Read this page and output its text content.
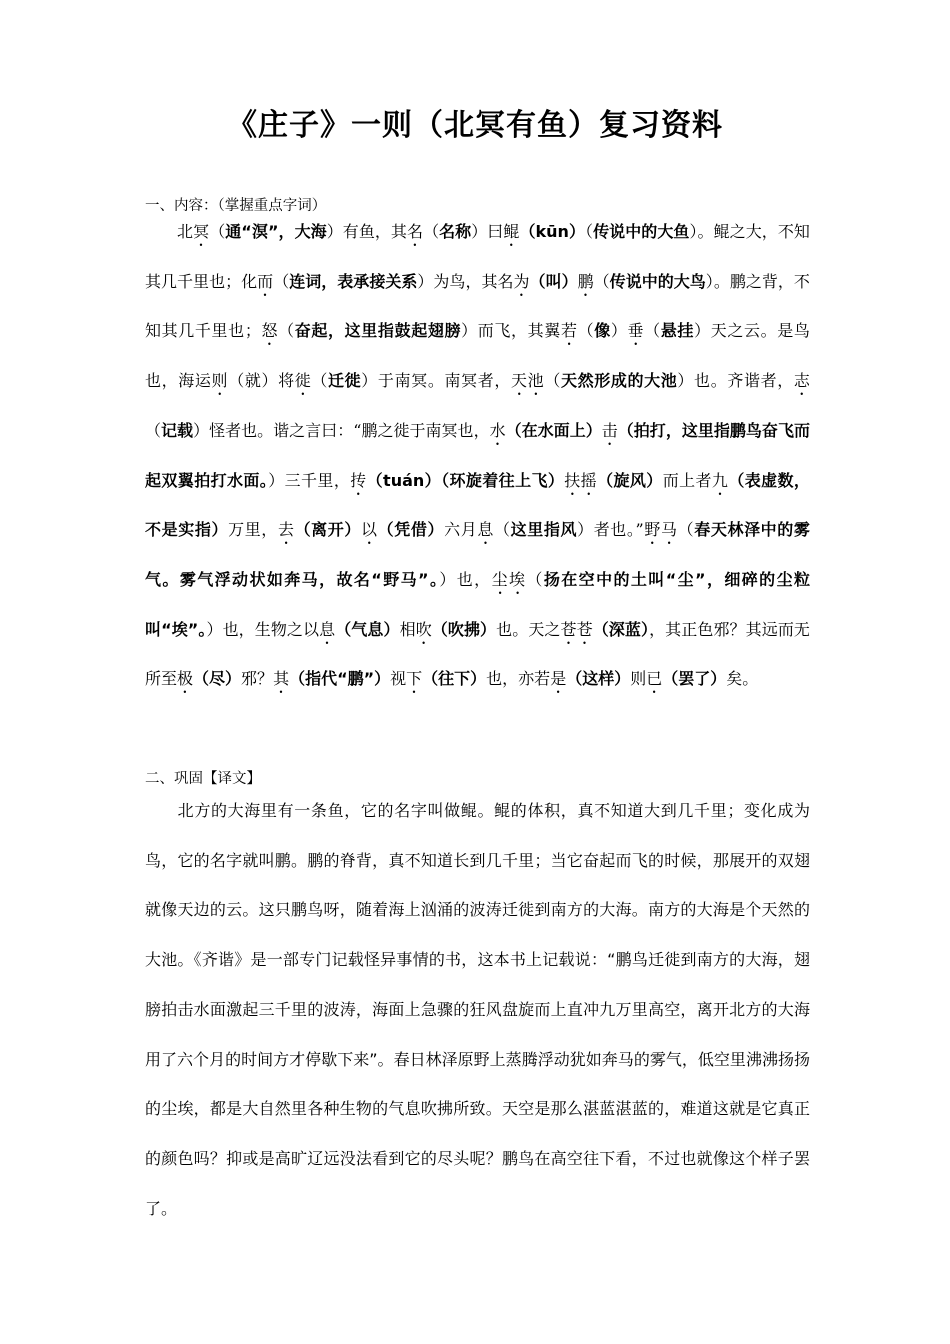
《庄子》一则（北冥有鱼）复习资料
一、内容：（掌握重点字词）
北冥（通“溟”，大海）有鱼，其名（名称）曰鲲（kūn）（传说中的大鱼）。鲲之大，不知其几千里也；化而（连词，表承接关系）为鸟，其名为（叫）鹏（传说中的大鸟）。鹏之背，不知其几千里也；怒（奋起，这里指鼓起翅膀）而飞，其翼若（像）垂（悬挂）天之云。是鸟也，海运则（就）将徙（迁徙）于南冥。南冥者，天池（天然形成的大池）也。齐谐者，志（记载）怪者也。谐之言曰：“鹏之徙于南冥也，水（在水面上）击（拍打，这里指鹏鸟奋飞而起双翼拍打水面。）三千里，抟（tuán）（环旋着往上飞）扶摇（旋风）而上者九（表虚数，不是实指）万里，去（离开）以（凭借）六月息（这里指风）者也。”野马（春天林泽中的雾气。雾气浮动状如奔马，故名“野马”。）也，尘埃（扬在空中的土叫“尘”，细碎的尘粒叫“埃”。）也，生物之以息（气息）相吹（吹拂）也。天之苍苍（深蓝），其正色邪？其远而无所至极（尽）邪？其（指代“鹏”）视下（往下）也，亦若是（这样）则已（罢了）矣。
二、巩固【译文】
北方的大海里有一条鱼，它的名字叫做鲲。鲲的体积，真不知道大到几千里；变化成为鸟，它的名字就叫鹏。鹏的脊背，真不知道长到几千里；当它奋起而飞的时候，那展开的双翅就像天边的云。这只鹏鸟呀，随着海上汹涌的波涛迁徙到南方的大海。南方的大海是个天然的大池。《齐谐》是一部专门记载怪异事情的书，这本书上记载说：“鹏鸟迁徙到南方的大海，翅膀拍击水面激起三千里的波涛，海面上急骤的狂风盘旋而上直冲九万里高空，离开北方的大海用了六个月的时间方才停歇下来”。春日林泽原野上蒸腾浮动犹如奔马的雾气，低空里沸沸扬扬的尘埃，都是大自然里各种生物的气息吹拂所致。天空是那么湛蓝湛蓝的，难道这就是它真正的颜色吗？抑或是高旷辽远没法看到它的尽头呢？鹏鸟在高空往下看，不过也就像这个样子罢了。
